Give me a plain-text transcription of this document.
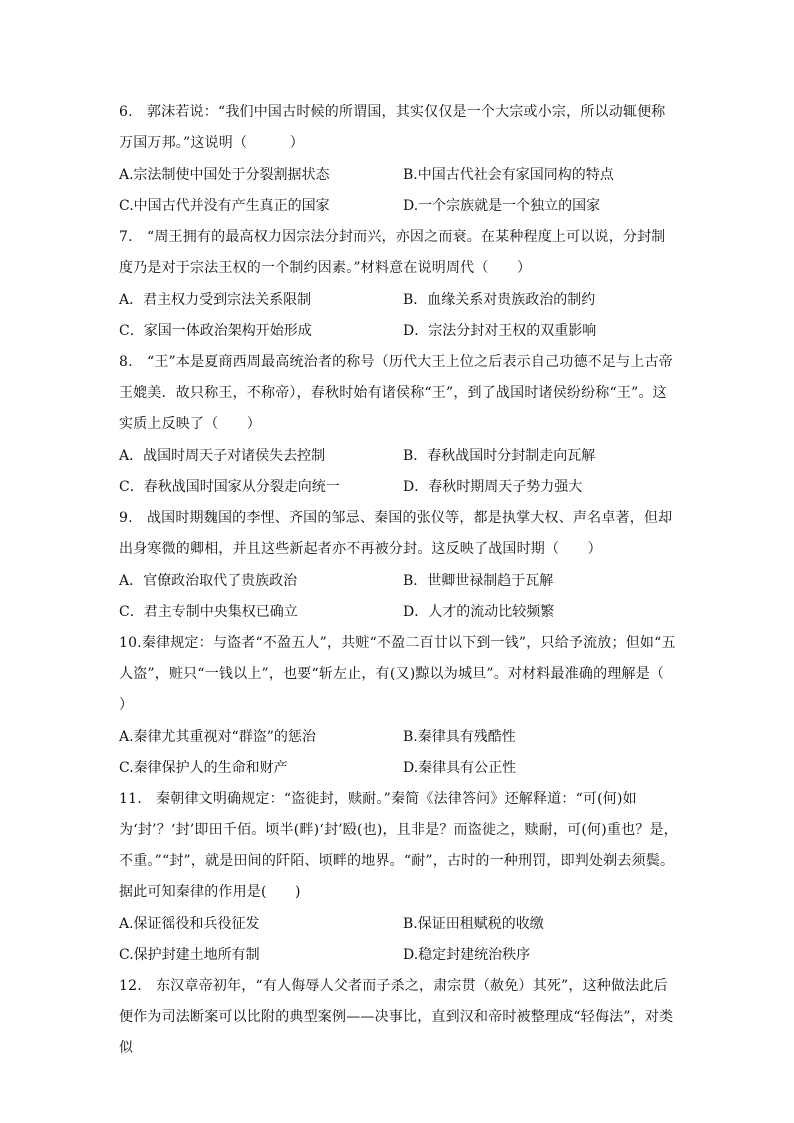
6.　郭沫若说：“我们中国古时候的所谓国，其实仅仅是一个大宗或小宗，所以动辄便称万国万邦。”这说明（　　　）
A.宗法制使中国处于分裂割据状态	B.中国古代社会有家国同构的特点
C.中国古代并没有产生真正的国家	D.一个宗族就是一个独立的国家
7.　“周王拥有的最高权力因宗法分封而兴，亦因之而衰。在某种程度上可以说，分封制度乃是对于宗法王权的一个制约因素。”材料意在说明周代（　　）
A．君主权力受到宗法关系限制	B．血缘关系对贵族政治的制约
C．家国一体政治架构开始形成	D．宗法分封对王权的双重影响
8.　“王”本是夏商西周最高统治者的称号（历代大王上位之后表示自己功德不足与上古帝王媲美．故只称王，不称帝），春秋时始有诸侯称“王”，到了战国时诸侯纷纷称“王”。这实质上反映了（　　）
A．战国时周天子对诸侯失去控制	B．春秋战国时分封制走向瓦解
C．春秋战国时国家从分裂走向统一	D．春秋时期周天子势力强大
9.　战国时期魏国的李悝、齐国的邹忌、秦国的张仪等，都是执掌大权、声名卓著，但却出身寒微的卿相，并且这些新起者亦不再被分封。这反映了战国时期（　　）
A．官僚政治取代了贵族政治	B．世卿世禄制趋于瓦解
C．君主专制中央集权已确立	D．人才的流动比较频繁
10.秦律规定：与盗者“不盈五人”，共赃“不盈二百廿以下到一钱”，只给予流放；但如“五人盗”，赃只“一钱以上”，也要“斩左止，有(又)黥以为城旦”。对材料最准确的理解是（　　）
A.秦律尤其重视对“群盗”的惩治	B.秦律具有残酷性
C.秦律保护人的生命和财产	D.秦律具有公正性
11.　秦朝律文明确规定：“盗徙封，赎耐。”秦简《法律答问》还解释道：“可(何)如为‘封’？‘封’即田千佰。顷半(畔)‘封’殹(也)，且非是？而盗徙之，赎耐，可(何)重也？是，不重。”“封”，就是田间的阡陌、顷畔的地界。“耐”，古时的一种刑罚，即判处剃去须鬓。据此可知秦律的作用是(　　)
A.保证徭役和兵役征发	B.保证田租赋税的收缴
C.保护封建土地所有制	D.稳定封建统治秩序
12.　东汉章帝初年，“有人侮辱人父者而子杀之，肃宗贯（赦免）其死”，这种做法此后便作为司法断案可以比附的典型案例——决事比，直到汉和帝时被整理成“轻侮法”，对类似
